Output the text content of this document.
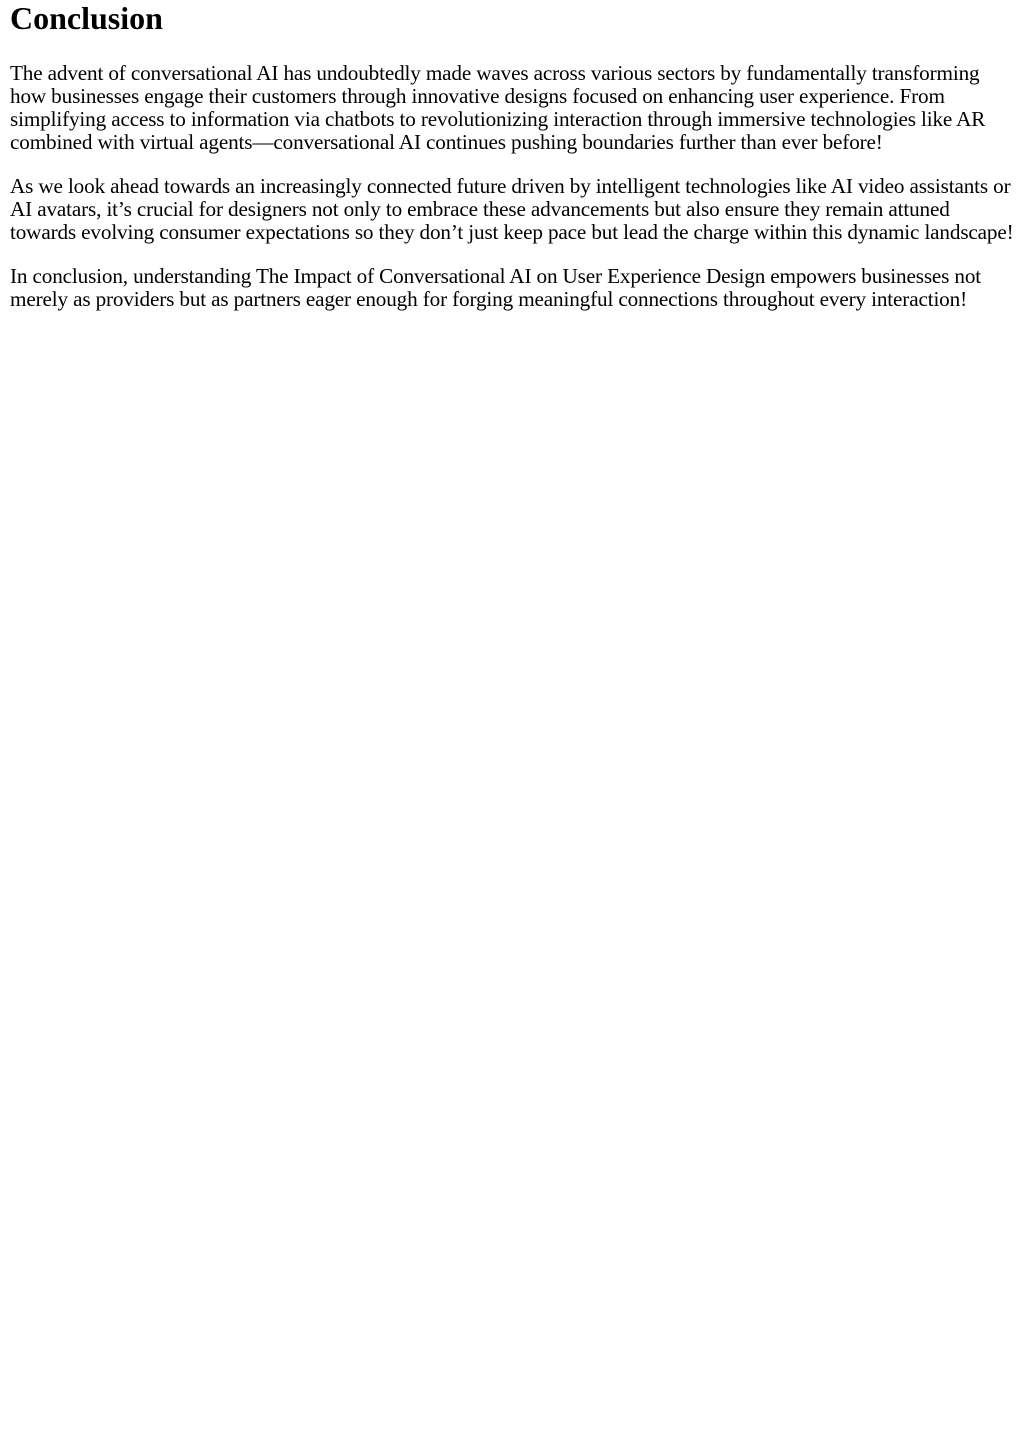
Conclusion

The advent of conversational AI has undoubtedly made waves across various sectors by fundamentally transforming how businesses engage their customers through innovative designs focused on enhancing user experience. From simplifying access to information via chatbots to revolutionizing interaction through immersive technologies like AR combined with virtual agents—conversational AI continues pushing boundaries further than ever before!

As we look ahead towards an increasingly connected future driven by intelligent technologies like AI video assistants or AI avatars, it’s crucial for designers not only to embrace these advancements but also ensure they remain attuned towards evolving consumer expectations so they don’t just keep pace but lead the charge within this dynamic landscape!

In conclusion, understanding The Impact of Conversational AI on User Experience Design empowers businesses not merely as providers but as partners eager enough for forging meaningful connections throughout every interaction!
